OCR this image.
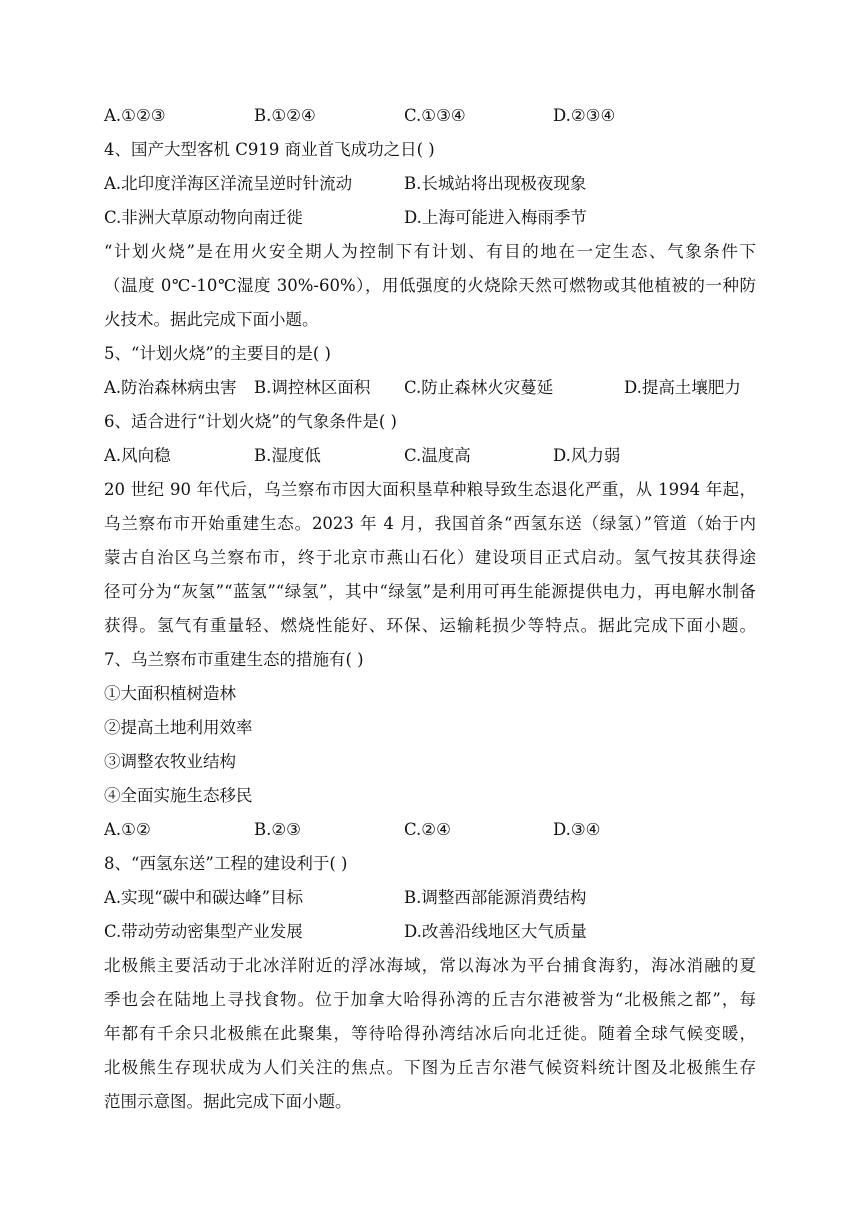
A.①②③	B.①②④	C.①③④	D.②③④
4、国产大型客机 C919 商业首飞成功之日( )
A.北印度洋海区洋流呈逆时针流动	B.长城站将出现极夜现象
C.非洲大草原动物向南迁徙	D.上海可能进入梅雨季节
“计划火烧”是在用火安全期人为控制下有计划、有目的地在一定生态、气象条件下
（温度 0℃-10℃湿度 30%-60%），用低强度的火烧除天然可燃物或其他植被的一种防
火技术。据此完成下面小题。
5、“计划火烧”的主要目的是( )
A.防治森林病虫害 B.调控林区面积 C.防止森林火灾蔓延	D.提高土壤肥力
6、适合进行“计划火烧”的气象条件是( )
A.风向稳	B.湿度低	C.温度高	D.风力弱
20 世纪 90 年代后，乌兰察布市因大面积垦草种粮导致生态退化严重，从 1994 年起，
乌兰察布市开始重建生态。2023 年 4 月，我国首条“西氢东送（绿氢）”管道（始于内
蒙古自治区乌兰察布市，终于北京市燕山石化）建设项目正式启动。氢气按其获得途
径可分为“灰氢”“蓝氢”“绿氢”，其中“绿氢”是利用可再生能源提供电力，再电解水制备
获得。氢气有重量轻、燃烧性能好、环保、运输耗损少等特点。据此完成下面小题。
7、乌兰察布市重建生态的措施有( )
①大面积植树造林
②提高土地利用效率
③调整农牧业结构
④全面实施生态移民
A.①②	B.②③	C.②④	D.③④
8、“西氢东送”工程的建设利于( )
A.实现“碳中和碳达峰”目标	B.调整西部能源消费结构
C.带动劳动密集型产业发展	D.改善沿线地区大气质量
北极熊主要活动于北冰洋附近的浮冰海域，常以海冰为平台捕食海豹，海冰消融的夏
季也会在陆地上寻找食物。位于加拿大哈得孙湾的丘吉尔港被誉为“北极熊之都”，每
年都有千余只北极熊在此聚集，等待哈得孙湾结冰后向北迁徙。随着全球气候变暖，
北极熊生存现状成为人们关注的焦点。下图为丘吉尔港气候资料统计图及北极熊生存
范围示意图。据此完成下面小题。
